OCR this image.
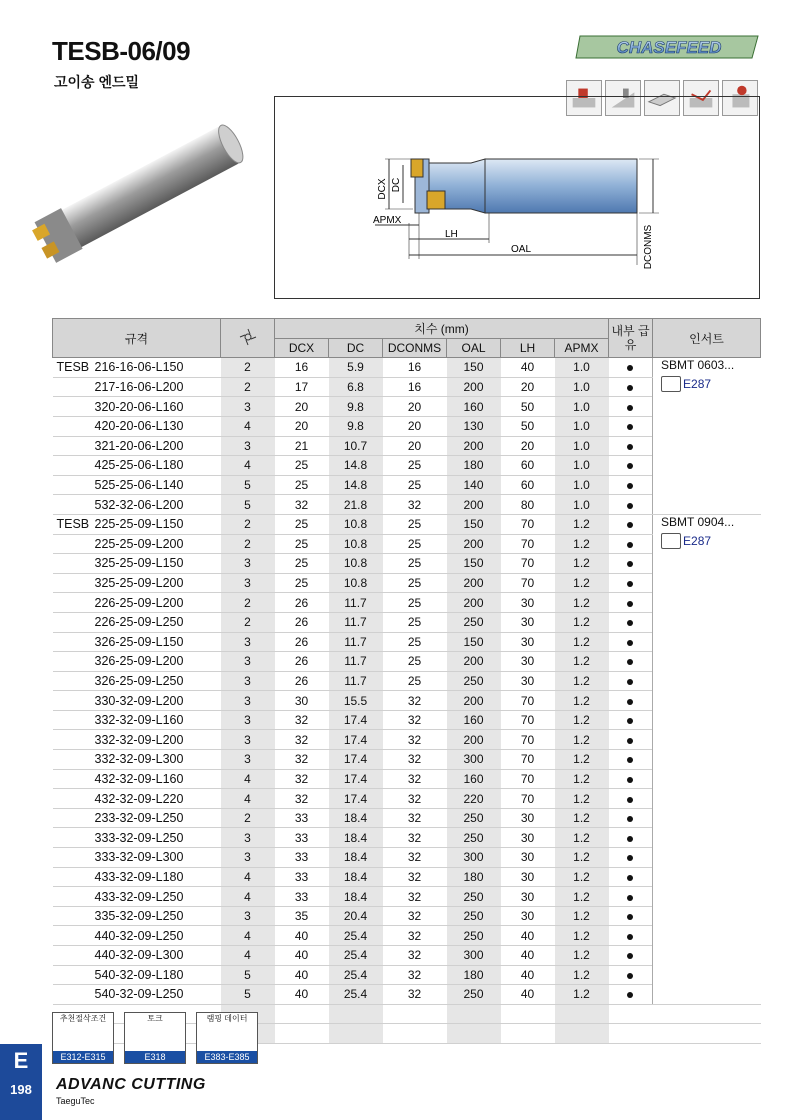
TESB-06/09
고이송 엔드밀
CHASEFEED
DCX DC
APMX
LH
OAL	DCONMS
규격		치수 (mm)						내부 급유	인서트
		DCX	DC	DCONMS	OAL	LH	APMX		
TESB 216-16-06-L150	2	16	5.9	16	150	40	1.0		SBMT 0603...
E287

217-16-06-L200	2	17	6.8	16	200	20	1.0		
320-20-06-L160	3	20	9.8	20	160	50	1.0		
420-20-06-L130	4	20	9.8	20	130	50	1.0		
321-20-06-L200	3	21	10.7	20	200	20	1.0		
425-25-06-L180	4	25	14.8	25	180	60	1.0		
525-25-06-L140	5	25	14.8	25	140	60	1.0		
532-32-06-L200	5	32	21.8	32	200	80	1.0		
TESB 225-25-09-L150	2	25	10.8	25	150	70	1.2		SBMT 0904...
E287

225-25-09-L200	2	25	10.8	25	200	70	1.2		
325-25-09-L150	3	25	10.8	25	150	70	1.2		
325-25-09-L200	3	25	10.8	25	200	70	1.2		
226-25-09-L200	2	26	11.7	25	200	30	1.2		
226-25-09-L250	2	26	11.7	25	250	30	1.2		
326-25-09-L150	3	26	11.7	25	150	30	1.2		
326-25-09-L200	3	26	11.7	25	200	30	1.2		
326-25-09-L250	3	26	11.7	25	250	30	1.2		
330-32-09-L200	3	30	15.5	32	200	70	1.2		
332-32-09-L160	3	32	17.4	32	160	70	1.2		
332-32-09-L200	3	32	17.4	32	200	70	1.2		
332-32-09-L300	3	32	17.4	32	300	70	1.2		
432-32-09-L160	4	32	17.4	32	160	70	1.2		
432-32-09-L220	4	32	17.4	32	220	70	1.2		
233-32-09-L250	2	33	18.4	32	250	30	1.2		
333-32-09-L250	3	33	18.4	32	250	30	1.2		
333-32-09-L300	3	33	18.4	32	300	30	1.2		
433-32-09-L180	4	33	18.4	32	180	30	1.2		
433-32-09-L250	4	33	18.4	32	250	30	1.2		
335-32-09-L250	3	35	20.4	32	250	30	1.2		
440-32-09-L250	4	40	25.4	32	250	40	1.2		
440-32-09-L300	4	40	25.4	32	300	40	1.2		
540-32-09-L180	5	40	25.4	32	180	40	1.2		
540-32-09-L250	5	40	25.4	32	250	40	1.2		

추천절삭조건
E312-E315
토크
E318
램핑 데이터
E383-E385
E
198	ADVANC CUTTING
TaeguTec
